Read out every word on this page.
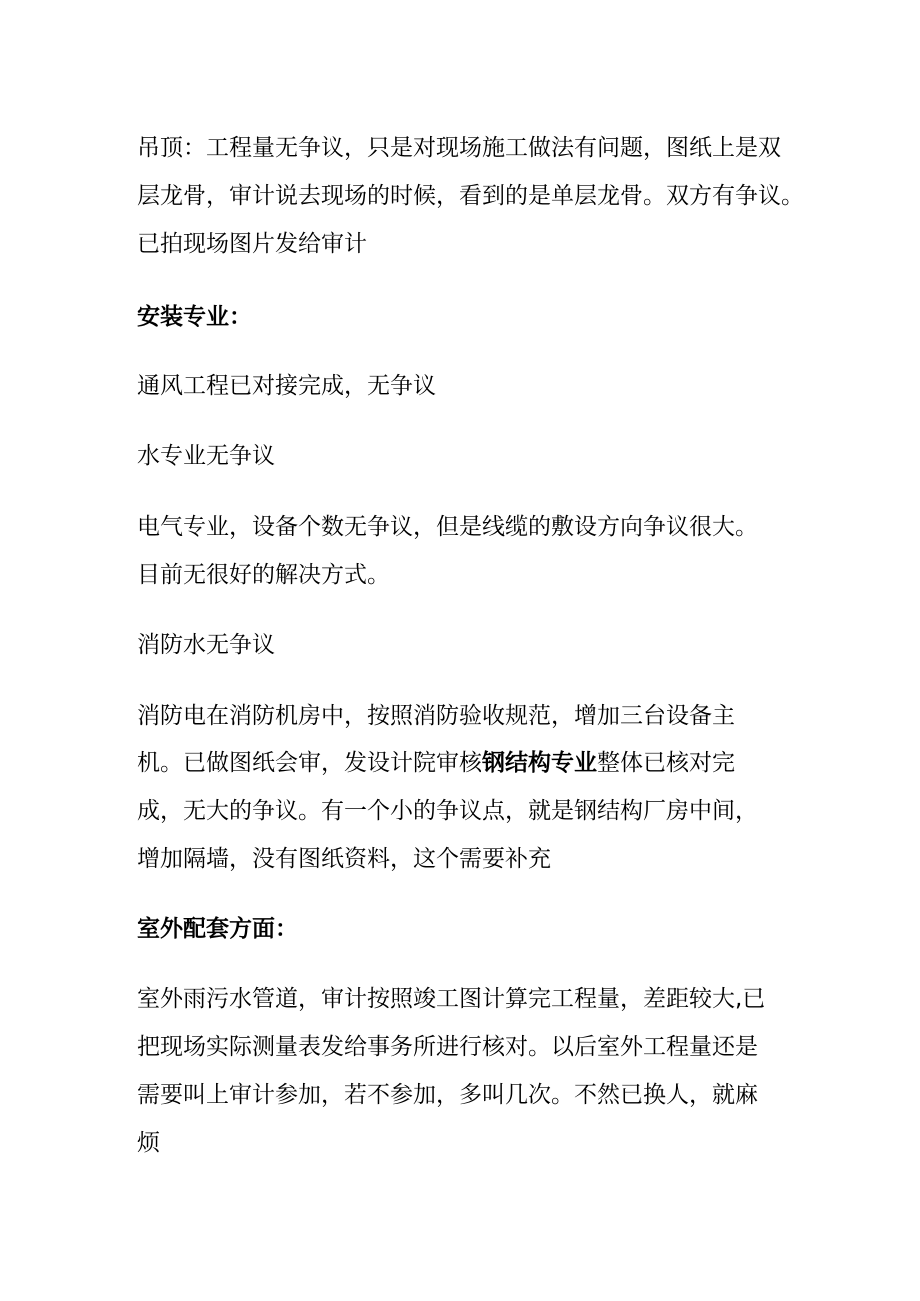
吊顶：工程量无争议，只是对现场施工做法有问题，图纸上是双

层龙骨，审计说去现场的时候，看到的是单层龙骨。双方有争议。

已拍现场图片发给审计

安装专业：

通风工程已对接完成，无争议

水专业无争议

电气专业，设备个数无争议，但是线缆的敷设方向争议很大。

目前无很好的解决方式。

消防水无争议

消防电在消防机房中，按照消防验收规范，增加三台设备主

机。已做图纸会审，发设计院审核钢结构专业整体已核对完

成，无大的争议。有一个小的争议点，就是钢结构厂房中间，

增加隔墙，没有图纸资料，这个需要补充

室外配套方面：

室外雨污水管道，审计按照竣工图计算完工程量，差距较大,已

把现场实际测量表发给事务所进行核对。以后室外工程量还是

需要叫上审计参加，若不参加，多叫几次。不然已换人，就麻

烦
